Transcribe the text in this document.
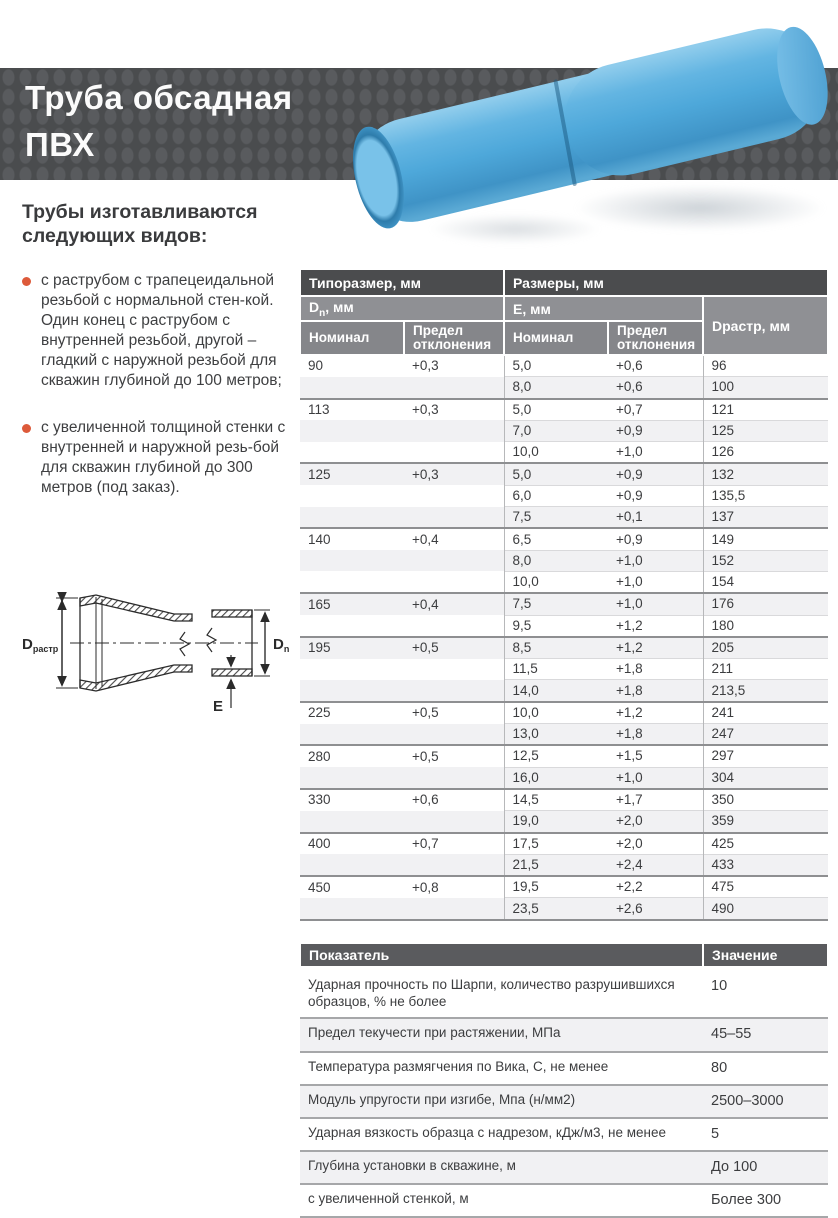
Труба обсадная
ПВХ
Трубы изготавливаются следующих видов:
с раструбом с трапецеидальной резьбой с нормальной стен-кой. Один конец с раструбом с внутренней резьбой, другой – гладкий с наружной резьбой для скважин глубиной до 100 метров;
с увеличенной толщиной стенки с внутренней и наружной резь-бой для скважин глубиной до 300 метров (под заказ).
$D_{растр}$	$D_n$
E
Типоразмер, мм		Размеры, мм		
$D_n$, мм		E, мм		Dрастр, мм
Номинал	Предел отклонения	Номинал	Предел отклонения	
90	+0,3	5,0	+0,6	96
		8,0	+0,6	100
113	+0,3	5,0	+0,7	121
		7,0	+0,9	125
		10,0	+1,0	126
125	+0,3	5,0	+0,9	132
		6,0	+0,9	135,5
		7,5	+0,1	137
140	+0,4	6,5	+0,9	149
		8,0	+1,0	152
		10,0	+1,0	154
165	+0,4	7,5	+1,0	176
		9,5	+1,2	180
195	+0,5	8,5	+1,2	205
		11,5	+1,8	211
		14,0	+1,8	213,5
225	+0,5	10,0	+1,2	241
		13,0	+1,8	247
280	+0,5	12,5	+1,5	297
		16,0	+1,0	304
330	+0,6	14,5	+1,7	350
		19,0	+2,0	359
400	+0,7	17,5	+2,0	425
		21,5	+2,4	433
450	+0,8	19,5	+2,2	475
		23,5	+2,6	490
Показатель	Значение
Ударная прочность по Шарпи, количество разрушившихся образцов, % не более	10
Предел текучести при растяжении, МПа	45–55
Температура размягчения по Вика, С, не менее	80
Модуль упругости при изгибе, Мпа (н/мм2)	2500–3000
Ударная вязкость образца с надрезом, кДж/м3, не менее	5
Глубина установки в скважине, м	До 100
с увеличенной стенкой, м	Более 300
